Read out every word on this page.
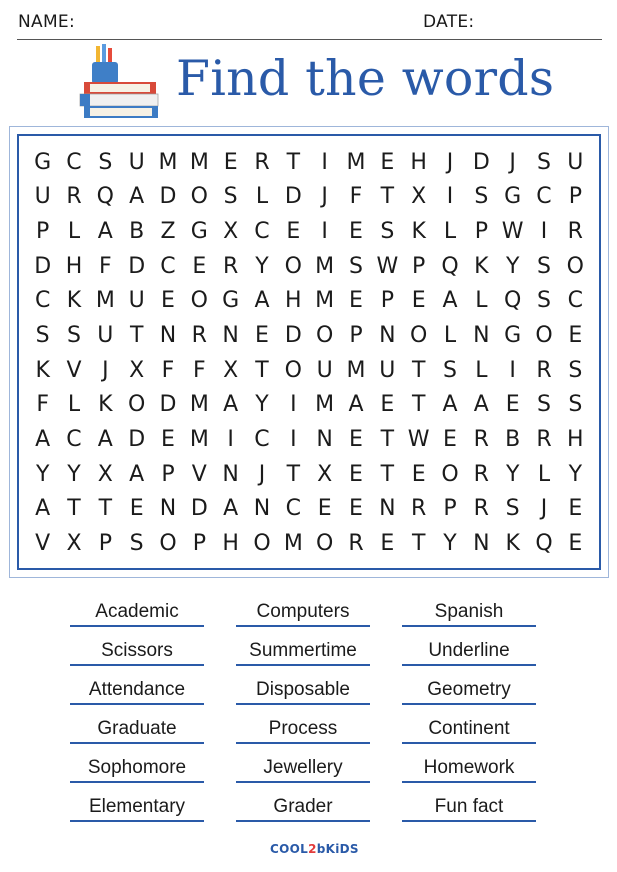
NAME:	DATE:
Find the words
G C S U M M E R T I M E H J D J S U
U R Q A D O S L D J F T X I S G C P
P L A B Z G X C E I E S K L P W I R
D H F D C E R Y O M S W P Q K Y S O
C K M U E O G A H M E P E A L Q S C
S S U T N R N E D O P N O L N G O E
K V J X F F X T O U M U T S L I R S
F L K O D M A Y I M A E T A A E S S
A C A D E M I C I N E T W E R B R H
Y Y X A P V N J T X E T E O R Y L Y
A T T E N D A N C E E N R P R S J E
V X P S O P H O M O R E T Y N K Q E
Academic	Computers	Spanish
Scissors	Summertime	Underline
Attendance	Disposable	Geometry
Graduate	Process	Continent
Sophomore	Jewellery	Homework
Elementary	Grader	Fun fact
COOL2bKiDS
